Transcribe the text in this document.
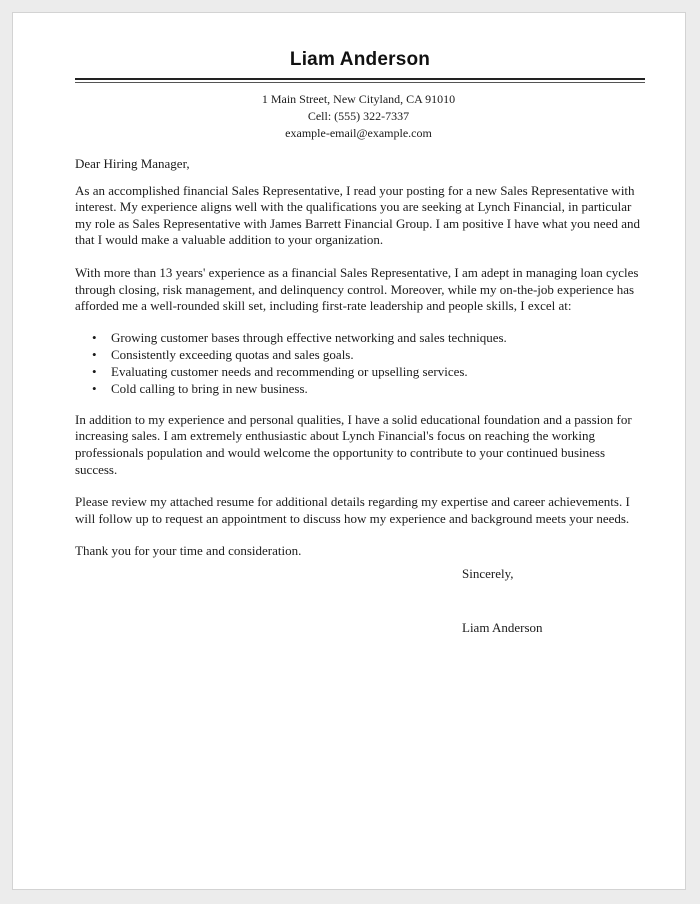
Liam Anderson
1 Main Street, New Cityland, CA 91010
Cell: (555) 322-7337
example-email@example.com

Dear Hiring Manager,

As an accomplished financial Sales Representative, I read your posting for a new Sales Representative with interest. My experience aligns well with the qualifications you are seeking at Lynch Financial, in particular my role as Sales Representative with James Barrett Financial Group. I am positive I have what you need and that I would make a valuable addition to your organization.

With more than 13 years' experience as a financial Sales Representative, I am adept in managing loan cycles through closing, risk management, and delinquency control. Moreover, while my on-the-job experience has afforded me a well-rounded skill set, including first-rate leadership and people skills, I excel at:

• Growing customer bases through effective networking and sales techniques.
• Consistently exceeding quotas and sales goals.
• Evaluating customer needs and recommending or upselling services.
• Cold calling to bring in new business.

In addition to my experience and personal qualities, I have a solid educational foundation and a passion for increasing sales. I am extremely enthusiastic about Lynch Financial's focus on reaching the working professionals population and would welcome the opportunity to contribute to your continued business success.

Please review my attached resume for additional details regarding my expertise and career achievements. I will follow up to request an appointment to discuss how my experience and background meets your needs.

Thank you for your time and consideration.

Sincerely,
Liam Anderson
